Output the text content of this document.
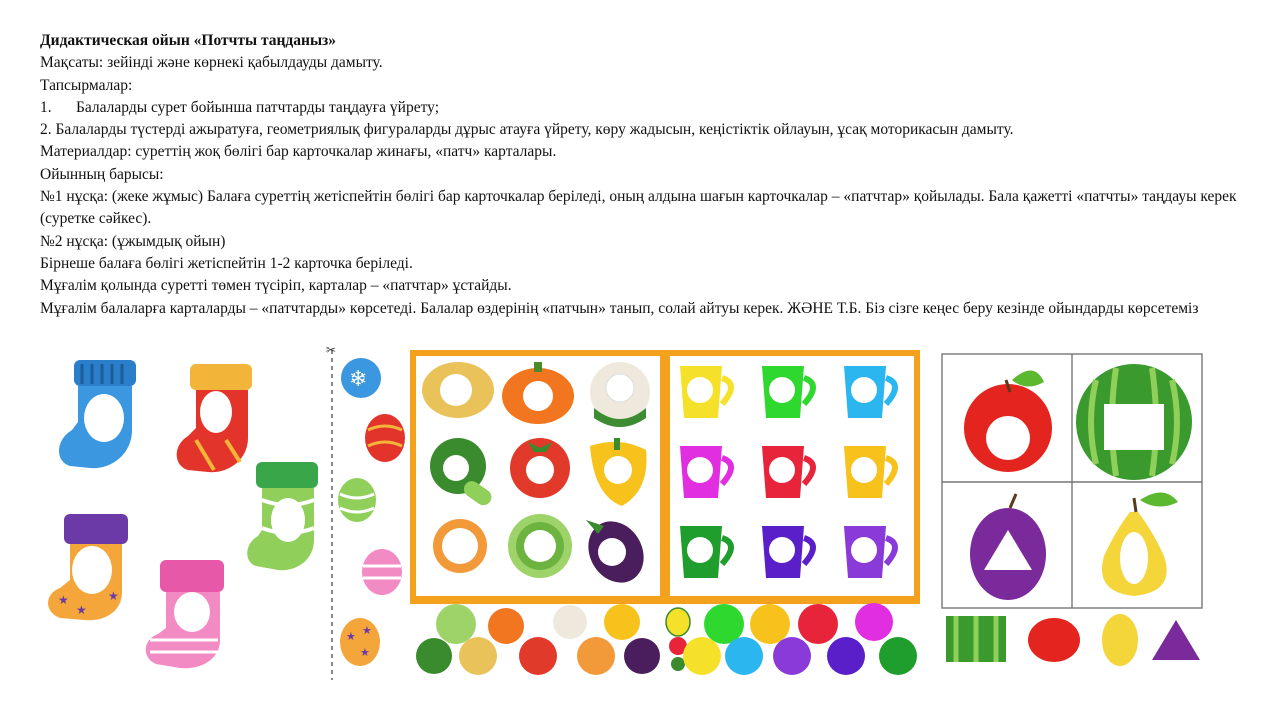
Дидактическая ойын «Потчты таңданыз»

Мақсаты: зейінді және көрнекі қабылдауды дамыту.

Тапсырмалар:

1. Балаларды сурет бойынша патчтарды таңдауға үйрету;

2. Балаларды түстерді ажыратуға, геометриялық фигураларды дұрыс атауға үйрету, көру жадысын, кеңістіктік ойлауын, ұсақ моторикасын дамыту.

Материалдар: суреттің жоқ бөлігі бар карточкалар жинағы, «патч» карталары.

Ойынның барысы:

№1 нұсқа: (жеке жұмыс) Балаға суреттің жетіспейтін бөлігі бар карточкалар беріледі, оның алдына шағын карточкалар – «патчтар» қойылады. Бала қажетті «патчты» таңдауы керек (суретке сәйкес).

№2 нұсқа: (ұжымдық ойын)

Бірнеше балаға бөлігі жетіспейтін 1-2 карточка беріледі.

Мұғалім қолында суретті төмен түсіріп, карталар – «патчтар» ұстайды.

Мұғалім балаларға карталарды – «патчтарды» көрсетеді. Балалар өздерінің «патчын» танып, солай айтуы керек. ЖӘНЕ Т.Б. Біз сізге кеңес беру кезінде ойындарды көрсетеміз

★
★
★
✂
❄
★
★
★
